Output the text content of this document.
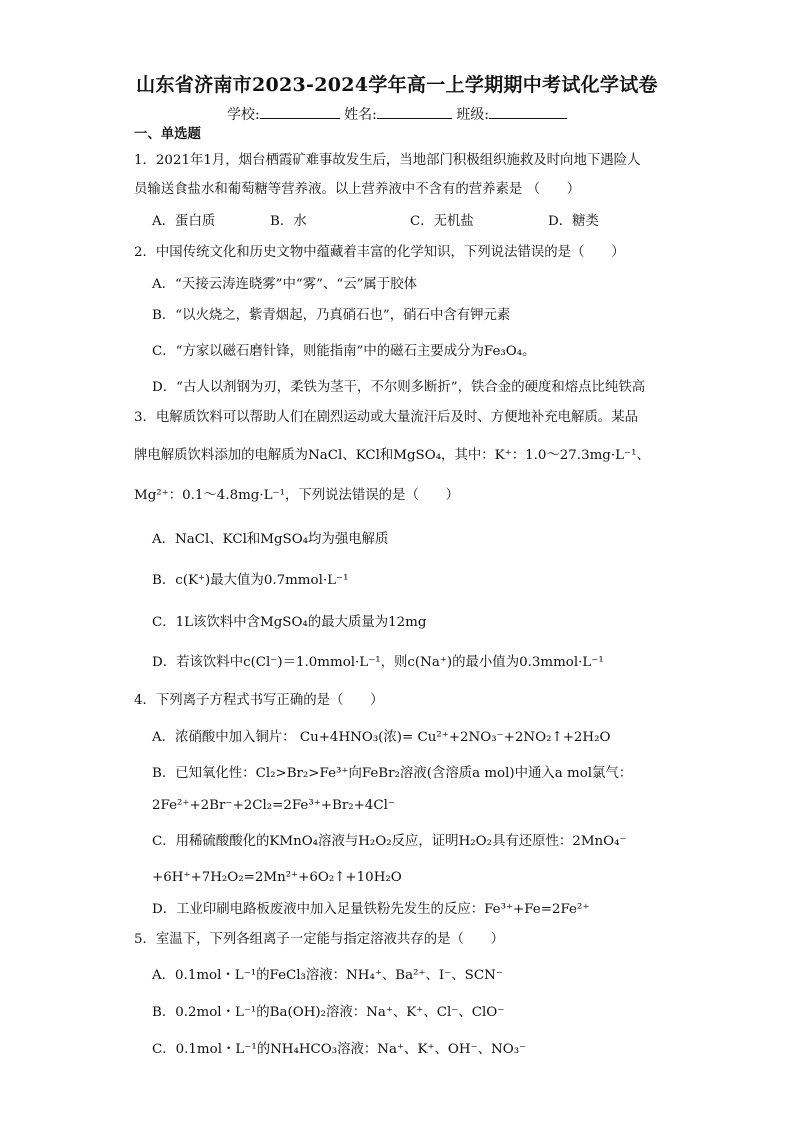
山东省济南市2023-2024学年高一上学期期中考试化学试卷
学校:	姓名:	班级:
一、单选题
1．2021年1月，烟台栖霞矿难事故发生后，当地部门积极组织施救及时向地下遇险人
员输送食盐水和葡萄糖等营养液。以上营养液中不含有的营养素是 （　　）
A．蛋白质	B．水	C．无机盐	D．糖类
2．中国传统文化和历史文物中蕴藏着丰富的化学知识，下列说法错误的是（　　）
A．“天接云涛连晓雾”中“雾”、“云”属于胶体
B．“以火烧之，紫青烟起，乃真硝石也”，硝石中含有钾元素
C．“方家以磁石磨针锋，则能指南”中的磁石主要成分为Fe₃O₄。
D．“古人以剂钢为刃，柔铁为茎干，不尔则多断折”，铁合金的硬度和熔点比纯铁高
3．电解质饮料可以帮助人们在剧烈运动或大量流汗后及时、方便地补充电解质。某品
牌电解质饮料添加的电解质为NaCl、KCl和MgSO₄，其中：K⁺：1.0～27.3mg·L⁻¹、
Mg²⁺：0.1～4.8mg·L⁻¹，下列说法错误的是（　　）
A．NaCl、KCl和MgSO₄均为强电解质
B．c(K⁺)最大值为0.7mmol·L⁻¹
C．1L该饮料中含MgSO₄的最大质量为12mg
D．若该饮料中c(Cl⁻)＝1.0mmol·L⁻¹，则c(Na⁺)的最小值为0.3mmol·L⁻¹
4．下列离子方程式书写正确的是（　　）
A．浓硝酸中加入铜片： Cu+4HNO₃(浓)= Cu²⁺+2NO₃⁻+2NO₂↑+2H₂O
B．已知氧化性：Cl₂>Br₂>Fe³⁺向FeBr₂溶液(含溶质a mol)中通入a mol氯气：
2Fe²⁺+2Br⁻+2Cl₂=2Fe³⁺+Br₂+4Cl⁻
C．用稀硫酸酸化的KMnO₄溶液与H₂O₂反应，证明H₂O₂具有还原性：2MnO₄⁻
+6H⁺+7H₂O₂=2Mn²⁺+6O₂↑+10H₂O
D．工业印刷电路板废液中加入足量铁粉先发生的反应：Fe³⁺+Fe=2Fe²⁺
5．室温下，下列各组离子一定能与指定溶液共存的是（　　）
A．0.1mol・L⁻¹的FeCl₃溶液：NH₄⁺、Ba²⁺、I⁻、SCN⁻
B．0.2mol・L⁻¹的Ba(OH)₂溶液：Na⁺、K⁺、Cl⁻、ClO⁻
C．0.1mol・L⁻¹的NH₄HCO₃溶液：Na⁺、K⁺、OH⁻、NO₃⁻
